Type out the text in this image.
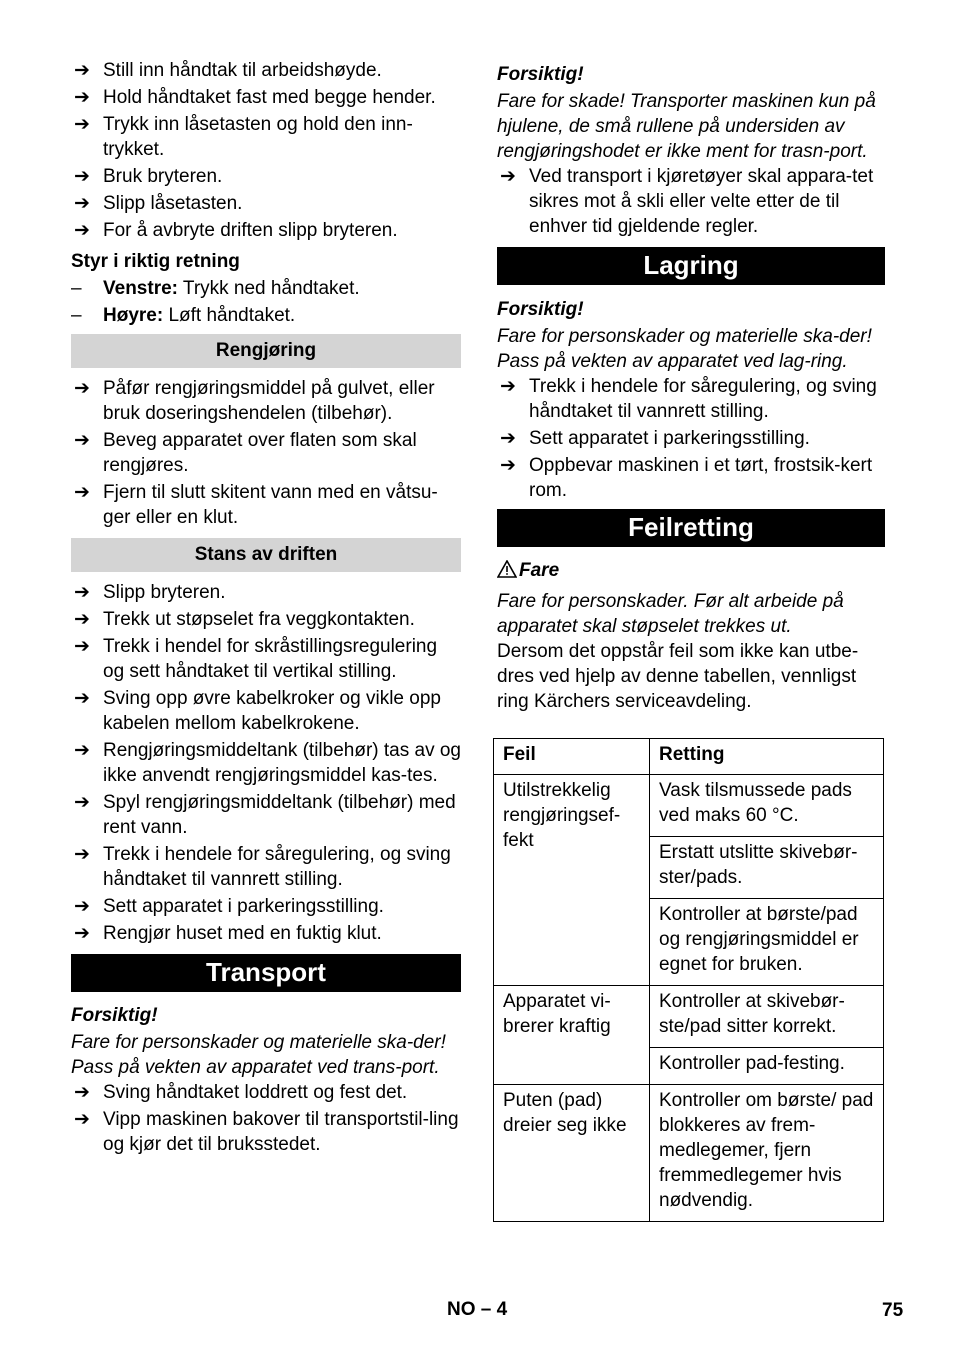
➔ Still inn håndtak til arbeidshøyde.
➔ Hold håndtaket fast med begge hender.
➔ Trykk inn låsetasten og hold den inn-trykket.
➔ Bruk bryteren.
➔ Slipp låsetasten.
➔ For å avbryte driften slipp bryteren.
Styr i riktig retning
– Venstre: Trykk ned håndtaket.
– Høyre: Løft håndtaket.
Rengjøring
➔ Påfør rengjøringsmiddel på gulvet, eller bruk doseringshendelen (tilbehør).
➔ Beveg apparatet over flaten som skal rengjøres.
➔ Fjern til slutt skitent vann med en våtsu-ger eller en klut.
Stans av driften
➔ Slipp bryteren.
➔ Trekk ut støpselet fra veggkontakten.
➔ Trekk i hendel for skråstillingsregulering og sett håndtaket til vertikal stilling.
➔ Sving opp øvre kabelkroker og vikle opp kabelen mellom kabelkrokene.
➔ Rengjøringsmiddeltank (tilbehør) tas av og ikke anvendt rengjøringsmiddel kas-tes.
➔ Spyl rengjøringsmiddeltank (tilbehør) med rent vann.
➔ Trekk i hendele for såregulering, og sving håndtaket til vannrett stilling.
➔ Sett apparatet i parkeringsstilling.
➔ Rengjør huset med en fuktig klut.
Transport
Forsiktig!

Fare for personskader og materielle ska-der! Pass på vekten av apparatet ved trans-port.

➔ Sving håndtaket loddrett og fest det.
➔ Vipp maskinen bakover til transportstil-ling og kjør det til bruksstedet.
Forsiktig!

Fare for skade! Transporter maskinen kun på hjulene, de små rullene på undersiden av rengjøringshodet er ikke ment for trasn-port.

➔ Ved transport i kjøretøyer skal appara-tet sikres mot å skli eller velte etter de til enhver tid gjeldende regler.
Lagring
Forsiktig!

Fare for personskader og materielle ska-der! Pass på vekten av apparatet ved lag-ring.

➔ Trekk i hendele for såregulering, og sving håndtaket til vannrett stilling.
➔ Sett apparatet i parkeringsstilling.
➔ Oppbevar maskinen i et tørt, frostsik-kert rom.
Feilretting
Fare

Fare for personskader. Før alt arbeide på apparatet skal støpselet trekkes ut.

Dersom det oppstår feil som ikke kan utbe-dres ved hjelp av denne tabellen, vennligst ring Kärchers serviceavdeling.

Feil	Retting
Utilstrekkelig rengjøringsef-fekt	Vask tilsmussede pads ved maks 60 °C.
	Erstatt utslitte skivebør-ster/pads.
	Kontroller at børste/pad og rengjøringsmiddel er egnet for bruken.
Apparatet vi-brerer kraftig	Kontroller at skivebør-ste/pad sitter korrekt.
	Kontroller pad-festing.
Puten (pad) dreier seg ikke	Kontroller om børste/ pad blokkeres av frem-medlegemer, fjern fremmedlegemer hvis nødvendig.
NO – 4	75
